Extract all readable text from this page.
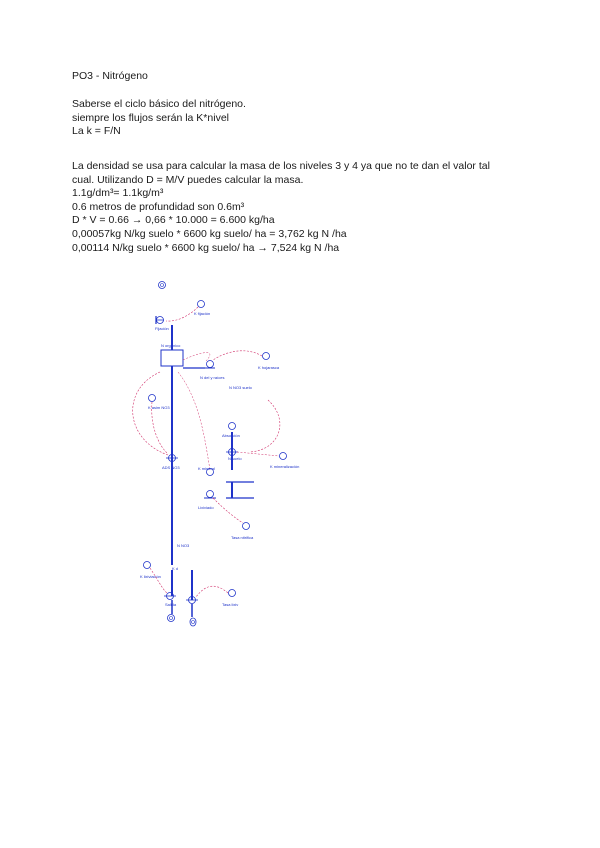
PO3 - Nitrógeno
Saberse el ciclo básico del nitrógeno.
siempre los flujos serán la K*nivel
La k = F/N
La densidad se usa para calcular la masa de los niveles 3 y 4 ya que no te dan el valor tal
cual. Utilizando D = M/V puedes calcular la masa.
1.1g/dm³= 1.1kg/m³
0.6 metros de profundidad son 0.6m³
D * V = 0.66 → 0,66 * 10.000 = 6.600 kg/ha
0,00057kg N/kg suelo * 6600 kg suelo/ ha = 3,762 kg N /ha
0,00114 N/kg suelo * 6600 kg suelo/ ha → 7,524 kg N /ha
K fijación
Fijación
N orgánico
N del y raíces
K hojarasca
N NO3 suelo
K asim NO3
ADS NO3
Absorción
N suelo
K mineralización
K mineral
Lixiviado
Tasa nitrifica
N NO3
K lixiviación
K d
Salida	Tasa lixiv
